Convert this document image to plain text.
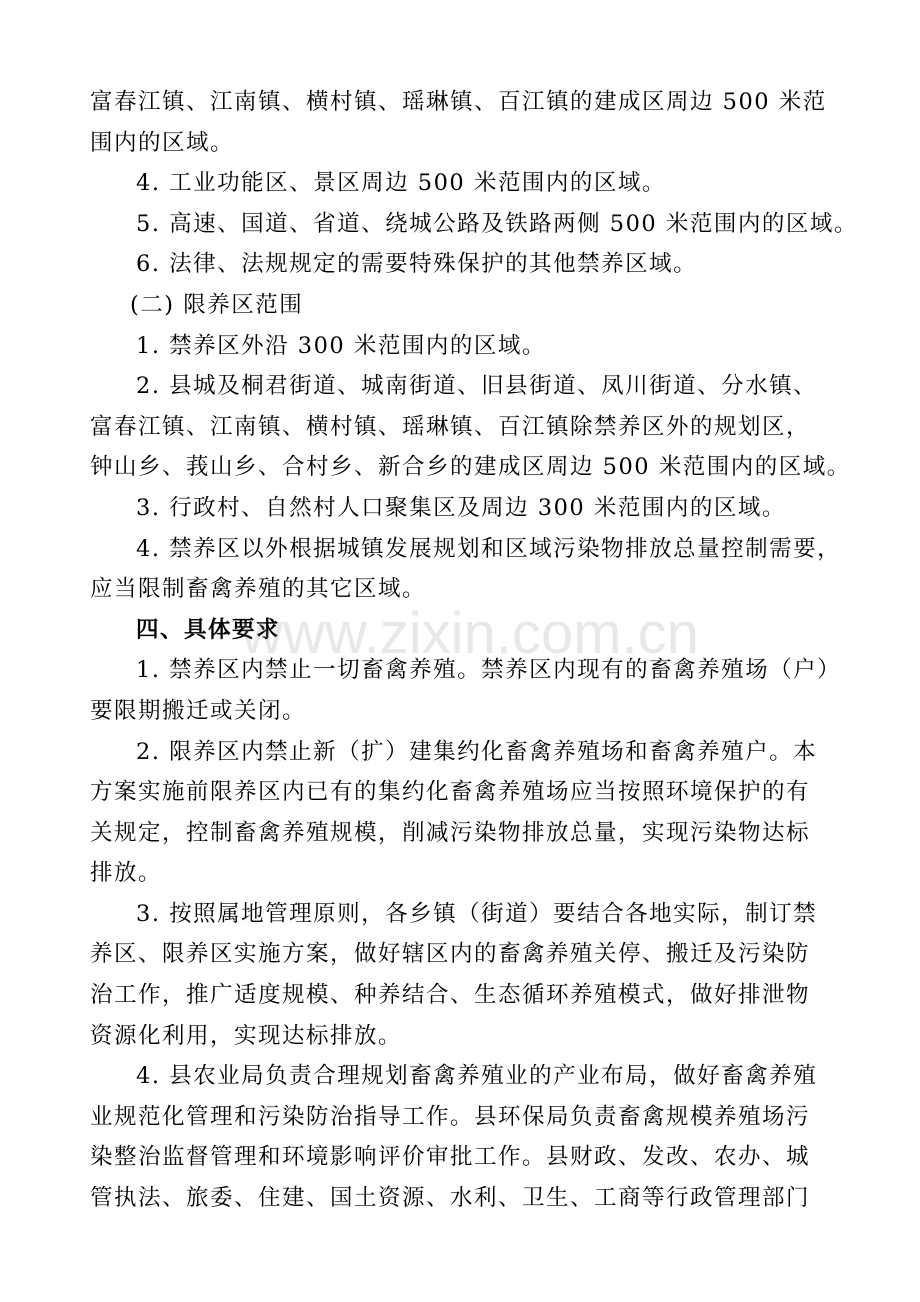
富春江镇、江南镇、横村镇、瑶琳镇、百江镇的建成区周边 500 米范
围内的区域。
4. 工业功能区、景区周边 500 米范围内的区域。
5. 高速、国道、省道、绕城公路及铁路两侧 500 米范围内的区域。
6. 法律、法规规定的需要特殊保护的其他禁养区域。
(二) 限养区范围
1. 禁养区外沿 300 米范围内的区域。
2. 县城及桐君街道、城南街道、旧县街道、凤川街道、分水镇、
富春江镇、江南镇、横村镇、瑶琳镇、百江镇除禁养区外的规划区，
钟山乡、莪山乡、合村乡、新合乡的建成区周边 500 米范围内的区域。
3. 行政村、自然村人口聚集区及周边 300 米范围内的区域。
4. 禁养区以外根据城镇发展规划和区域污染物排放总量控制需要，
应当限制畜禽养殖的其它区域。
四、具体要求
1. 禁养区内禁止一切畜禽养殖。禁养区内现有的畜禽养殖场（户）
要限期搬迁或关闭。
2. 限养区内禁止新（扩）建集约化畜禽养殖场和畜禽养殖户。本
方案实施前限养区内已有的集约化畜禽养殖场应当按照环境保护的有
关规定，控制畜禽养殖规模，削减污染物排放总量，实现污染物达标
排放。
3. 按照属地管理原则，各乡镇（街道）要结合各地实际，制订禁
养区、限养区实施方案，做好辖区内的畜禽养殖关停、搬迁及污染防
治工作，推广适度规模、种养结合、生态循环养殖模式，做好排泄物
资源化利用，实现达标排放。
4. 县农业局负责合理规划畜禽养殖业的产业布局，做好畜禽养殖
业规范化管理和污染防治指导工作。县环保局负责畜禽规模养殖场污
染整治监督管理和环境影响评价审批工作。县财政、发改、农办、城
管执法、旅委、住建、国土资源、水利、卫生、工商等行政管理部门
www.zixin.com.cn
